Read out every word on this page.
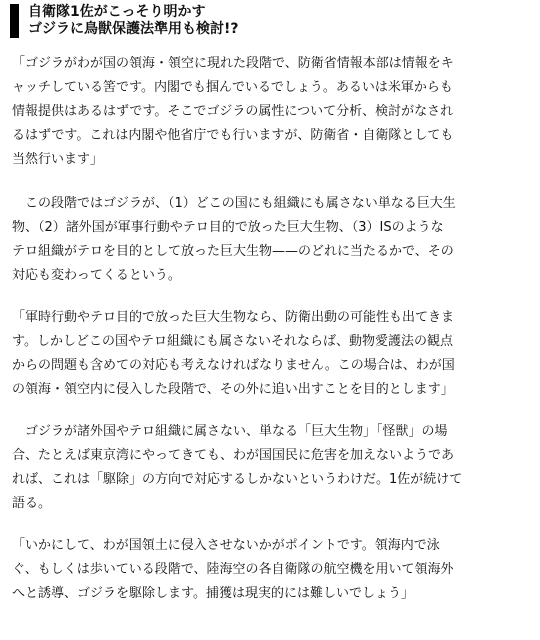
自衛隊1佐がこっそり明かす
ゴジラに鳥獣保護法準用も検討!?

「ゴジラがわが国の領海・領空に現れた段階で、防衛省情報本部は情報をキ
ャッチしている筈です。内閣でも掴んでいるでしょう。あるいは米軍からも
情報提供はあるはずです。そこでゴジラの属性について分析、検討がなされ
るはずです。これは内閣や他省庁でも行いますが、防衛省・自衛隊としても
当然行います」

　この段階ではゴジラが、（1）どこの国にも組織にも属さない単なる巨大生
物、（2）諸外国が軍事行動やテロ目的で放った巨大生物、（3）ISのような
テロ組織がテロを目的として放った巨大生物——のどれに当たるかで、その
対応も変わってくるという。

「軍時行動やテロ目的で放った巨大生物なら、防衛出動の可能性も出てきま
す。しかしどこの国やテロ組織にも属さないそれならば、動物愛護法の観点
からの問題も含めての対応も考えなければなりません。この場合は、わが国
の領海・領空内に侵入した段階で、その外に追い出すことを目的とします」

　ゴジラが諸外国やテロ組織に属さない、単なる「巨大生物」「怪獣」の場
合、たとえば東京湾にやってきても、わが国国民に危害を加えないようであ
れば、これは「駆除」の方向で対応するしかないというわけだ。1佐が続けて
語る。

「いかにして、わが国領土に侵入させないかがポイントです。領海内で泳
ぐ、もしくは歩いている段階で、陸海空の各自衛隊の航空機を用いて領海外
へと誘導、ゴジラを駆除します。捕獲は現実的には難しいでしょう」
